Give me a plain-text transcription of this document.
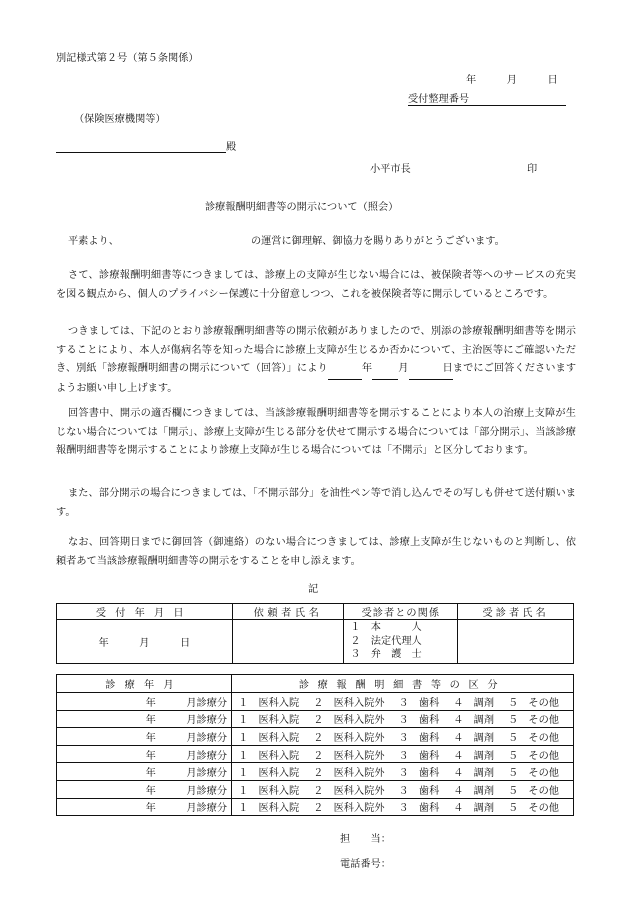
別記様式第２号（第５条関係）
年　　　月　　　日
受付整理番号
（保険医療機関等）
殿
小平市長	印
診療報酬明細書等の開示について（照会）
平素より、	の運営に御理解、御協力を賜りありがとうございます。
さて、診療報酬明細書等につきましては、診療上の支障が生じない場合には、被保険者等へのサービスの充実を図る観点から、個人のプライバシー保護に十分留意しつつ、これを被保険者等に開示しているところです。
つきましては、下記のとおり診療報酬明細書等の開示依頼がありましたので、別添の診療報酬明細書等を開示することにより、本人が傷病名等を知った場合に診療上支障が生じるか否かについて、主治医等にご確認いただき、別紙「診療報酬明細書の開示について（回答）」により	年	月	日までにご回答くださいますようお願い申し上げます。
回答書中、開示の適否欄につきましては、当該診療報酬明細書等を開示することにより本人の治療上支障が生じない場合については「開示」、診療上支障が生じる部分を伏せて開示する場合については「部分開示」、当該診療報酬明細書等を開示することにより診療上支障が生じる場合については「不開示」と区分しております。
また、部分開示の場合につきましては、「不開示部分」を油性ペン等で消し込んでその写しも併せて送付願います。
なお、回答期日までに御回答（御連絡）のない場合につきましては、診療上支障が生じないものと判断し、依頼者あて当該診療報酬明細書等の開示をすることを申し添えます。
記
受付年月日	依頼者氏名	受診者との関係	受診者氏名
年　　　月　　　日		１　本　　　人
２　法定代理人
３　弁　護　士	

診療年月	診療報酬明細書等の区分
年　　　月診療分	１　医科入院 ２　医科入院外 ３　歯科 ４　調剤 ５　その他
年　　　月診療分	１　医科入院 ２　医科入院外 ３　歯科 ４　調剤 ５　その他
年　　　月診療分	１　医科入院 ２　医科入院外 ３　歯科 ４　調剤 ５　その他
年　　　月診療分	１　医科入院 ２　医科入院外 ３　歯科 ４　調剤 ５　その他
年　　　月診療分	１　医科入院 ２　医科入院外 ３　歯科 ４　調剤 ５　その他
年　　　月診療分	１　医科入院 ２　医科入院外 ３　歯科 ４　調剤 ５　その他
年　　　月診療分	１　医科入院 ２　医科入院外 ３　歯科 ４　調剤 ５　その他
担　　当：
電話番号：
